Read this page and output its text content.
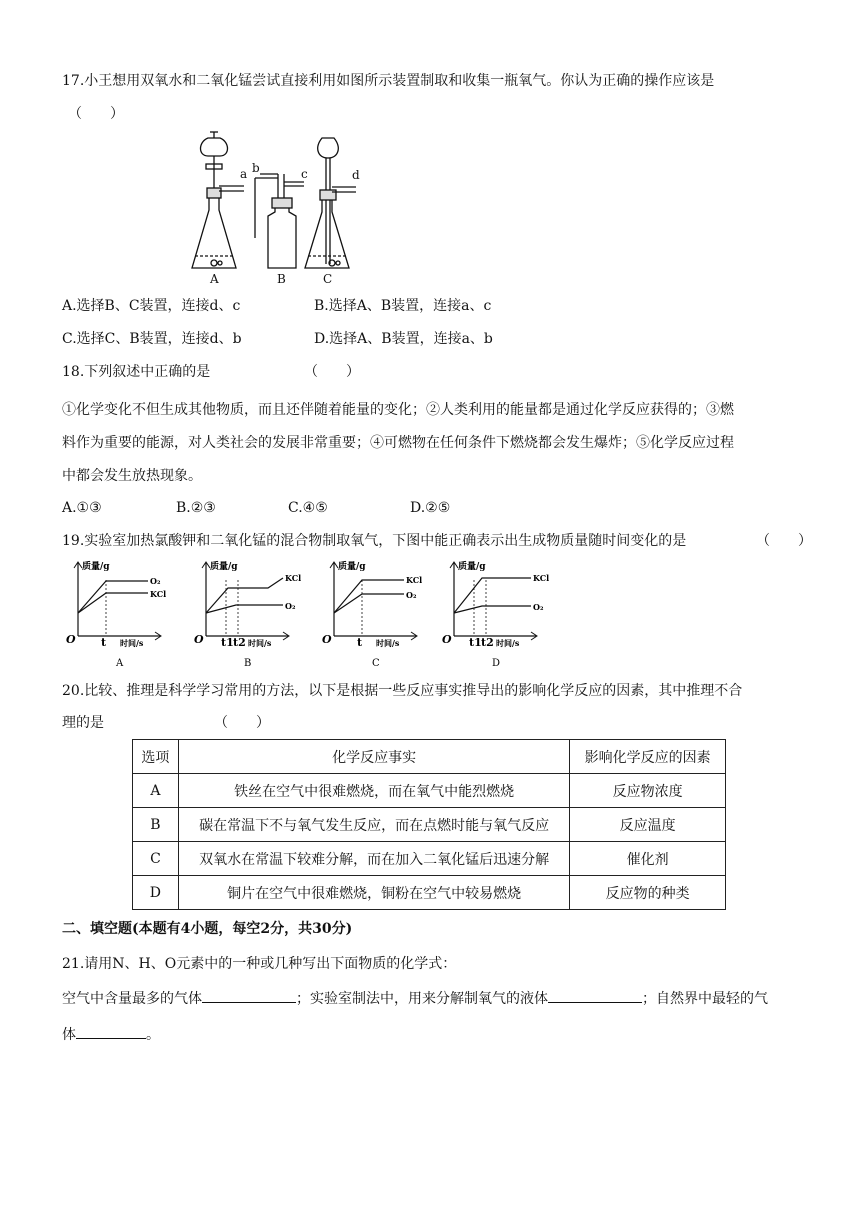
17.小王想用双氧水和二氧化锰尝试直接利用如图所示装置制取和收集一瓶氧气。你认为正确的操作应该是
（　　）
a b	c	d
A	B	C
A.选择B、C装置，连接d、c	B.选择A、B装置，连接a、c
C.选择C、B装置，连接d、b	D.选择A、B装置，连接a、b
18.下列叙述中正确的是	（　　）
①化学变化不但生成其他物质，而且还伴随着能量的变化；②人类利用的能量都是通过化学反应获得的；③燃
料作为重要的能源，对人类社会的发展非常重要；④可燃物在任何条件下燃烧都会发生爆炸；⑤化学反应过程
中都会发生放热现象。
A.①③	B.②③	C.④⑤	D.②⑤
19.实验室加热氯酸钾和二氧化锰的混合物制取氧气，下图中能正确表示出生成物质量随时间变化的是	（　　）
t
质量/g
时间/s
O
O₂
KCl
A
t1 t2
质量/g
时间/s
O
KCl
O₂
B
t
质量/g
时间/s
O
KCl
O₂
C
t1 t2
质量/g
时间/s
O
KCl
O₂
D
20.比较、推理是科学学习常用的方法，以下是根据一些反应事实推导出的影响化学反应的因素，其中推理不合
理的是	（　　）
选项	化学反应事实	影响化学反应的因素
A	铁丝在空气中很难燃烧，而在氧气中能烈燃烧	反应物浓度
B	碳在常温下不与氧气发生反应，而在点燃时能与氧气反应	反应温度
C	双氧水在常温下较难分解，而在加入二氧化锰后迅速分解	催化剂
D	铜片在空气中很难燃烧，铜粉在空气中较易燃烧	反应物的种类
二、填空题(本题有4小题，每空2分，共30分)
21.请用N、H、O元素中的一种或几种写出下面物质的化学式：
空气中含量最多的气体	；实验室制法中，用来分解制氧气的液体	；自然界中最轻的气
体	。
